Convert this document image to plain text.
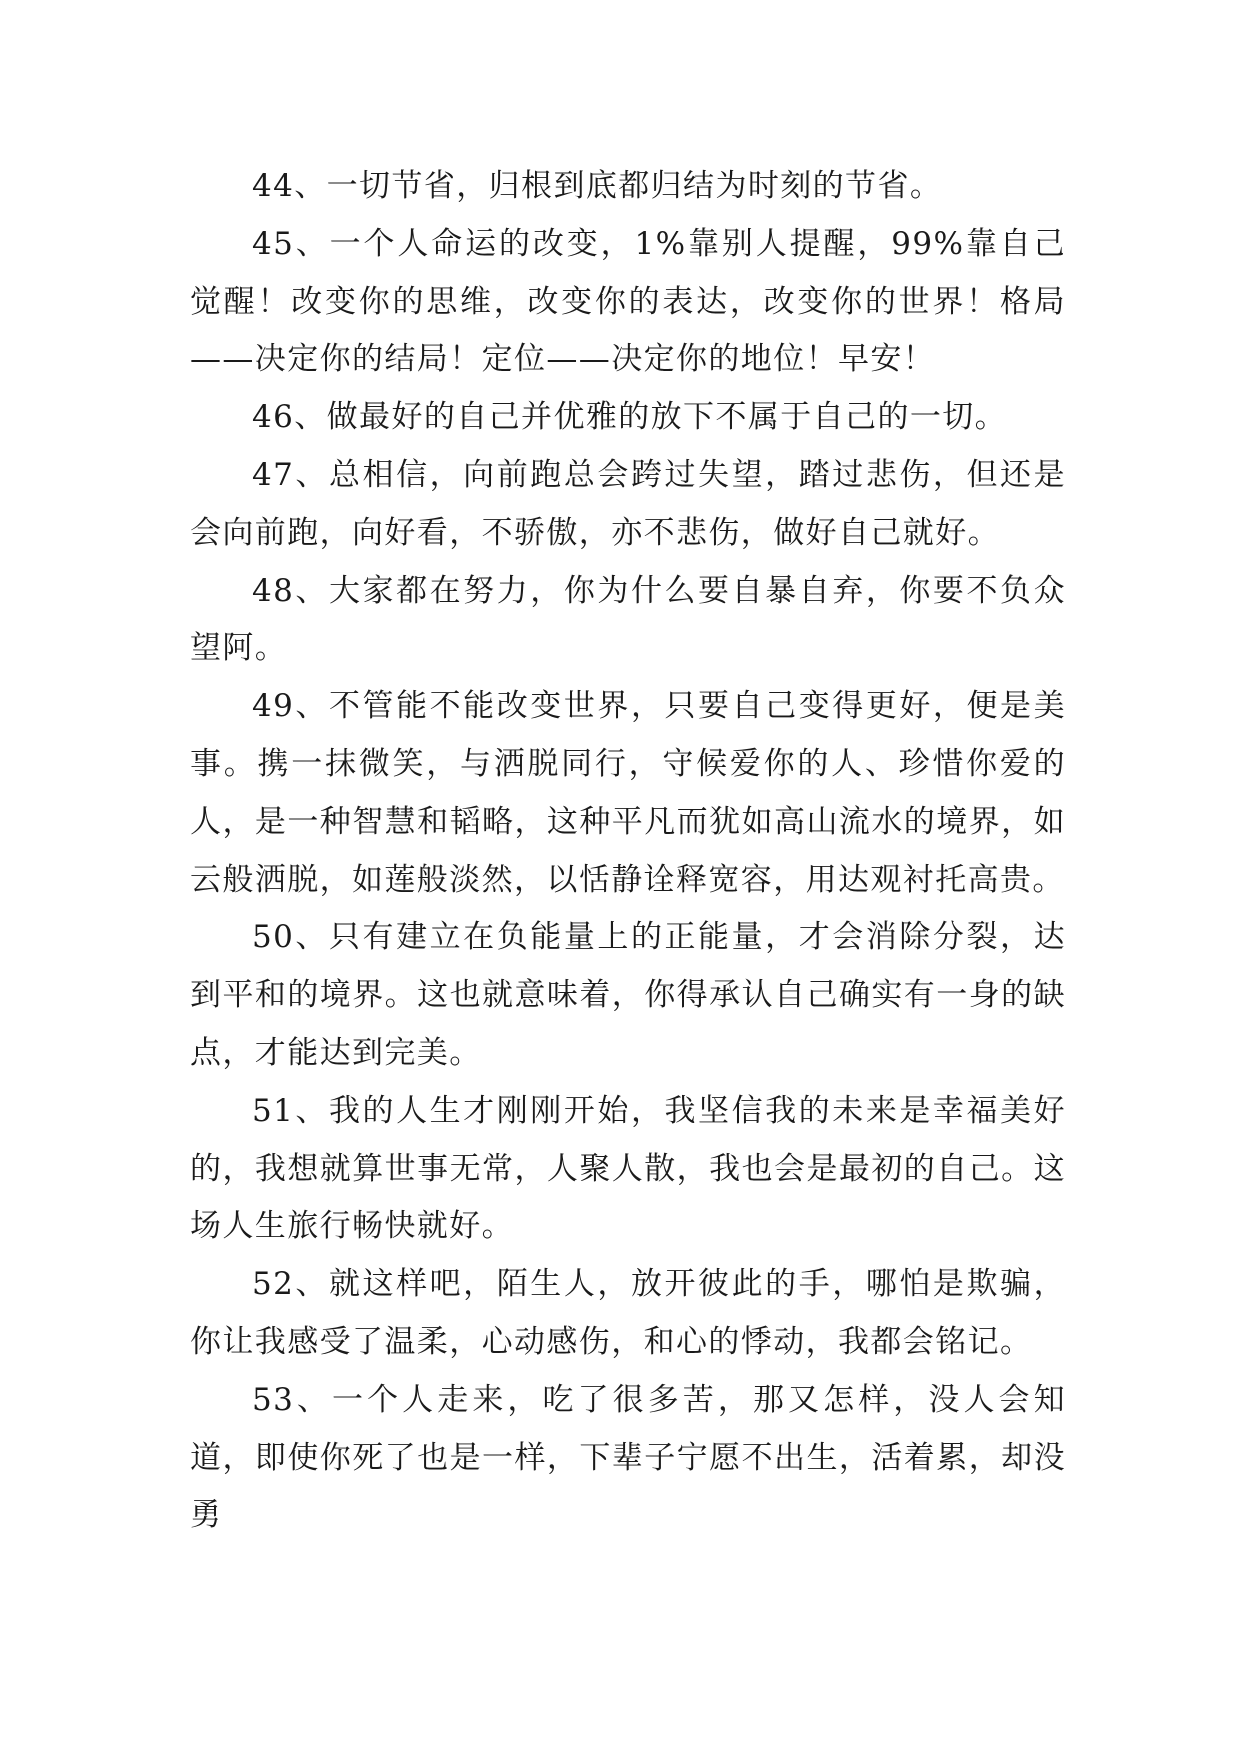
44、一切节省，归根到底都归结为时刻的节省。

45、一个人命运的改变，1%靠别人提醒，99%靠自己觉醒！改变你的思维，改变你的表达，改变你的世界！格局——决定你的结局！定位——决定你的地位！早安！

46、做最好的自己并优雅的放下不属于自己的一切。

47、总相信，向前跑总会跨过失望，踏过悲伤，但还是会向前跑，向好看，不骄傲，亦不悲伤，做好自己就好。

48、大家都在努力，你为什么要自暴自弃，你要不负众望阿。

49、不管能不能改变世界，只要自己变得更好，便是美事。携一抹微笑，与洒脱同行，守候爱你的人、珍惜你爱的人，是一种智慧和韬略，这种平凡而犹如高山流水的境界，如云般洒脱，如莲般淡然，以恬静诠释宽容，用达观衬托高贵。

50、只有建立在负能量上的正能量，才会消除分裂，达到平和的境界。这也就意味着，你得承认自己确实有一身的缺点，才能达到完美。

51、我的人生才刚刚开始，我坚信我的未来是幸福美好的，我想就算世事无常，人聚人散，我也会是最初的自己。这场人生旅行畅快就好。

52、就这样吧，陌生人，放开彼此的手，哪怕是欺骗，你让我感受了温柔，心动感伤，和心的悸动，我都会铭记。

53、一个人走来，吃了很多苦，那又怎样，没人会知道，即使你死了也是一样，下辈子宁愿不出生，活着累，却没勇
